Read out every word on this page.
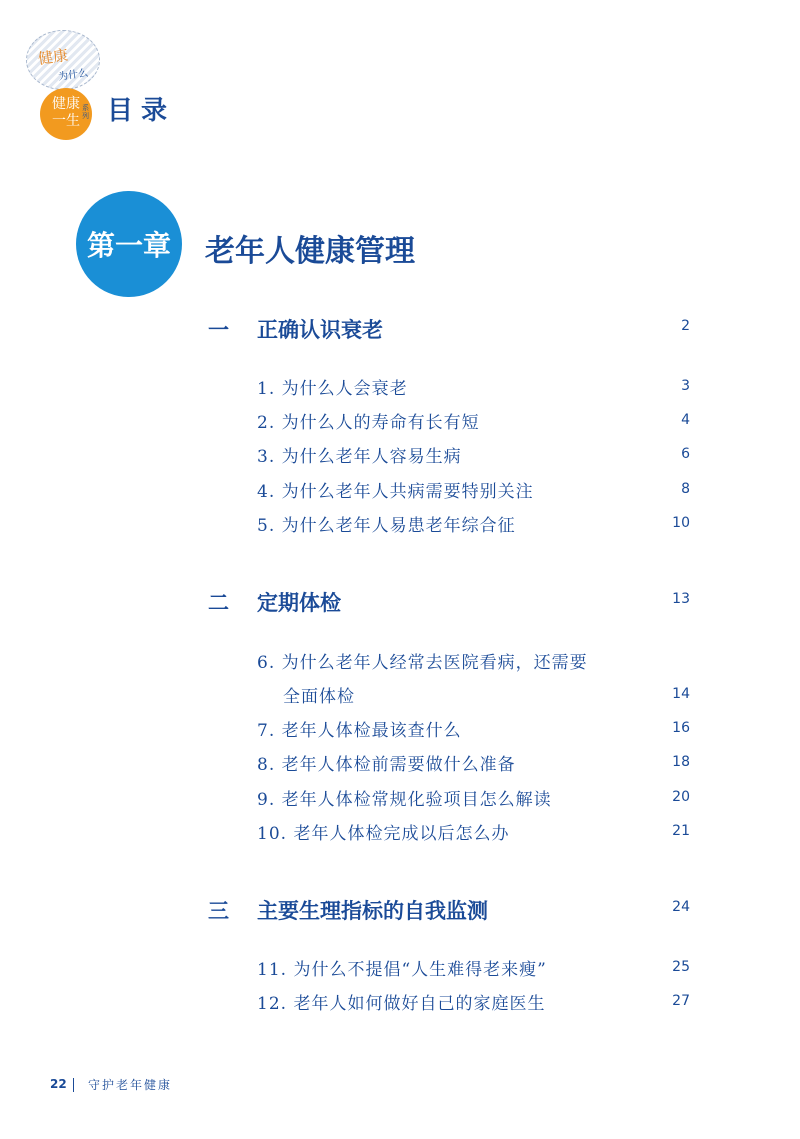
健康
为什么
健康一生
系列 目录
第一章 老年人健康管理
一 正确认识衰老	2
1. 为什么人会衰老	3
2. 为什么人的寿命有长有短	4
3. 为什么老年人容易生病	6
4. 为什么老年人共病需要特别关注	8
5. 为什么老年人易患老年综合征	10
二 定期体检	13
6. 为什么老年人经常去医院看病，还需要
全面体检	14
7. 老年人体检最该查什么	16
8. 老年人体检前需要做什么准备	18
9. 老年人体检常规化验项目怎么解读	20
10. 老年人体检完成以后怎么办	21
三 主要生理指标的自我监测	24
11. 为什么不提倡“人生难得老来瘦”	25
12. 老年人如何做好自己的家庭医生	27
22 守护老年健康
